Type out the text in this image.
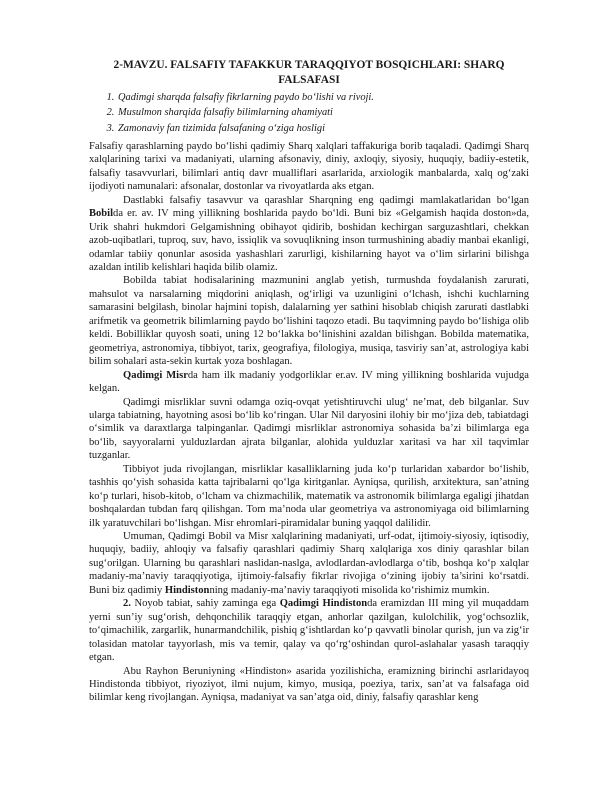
2-MAVZU. FALSAFIY TAFAKKUR TARAQQIYOT BOSQICHLARI: SHARQ FALSAFASI
1. Qadimgi sharqda falsafiy fikrlarning paydo bo‘lishi va rivoji.
2. Musulmon sharqida falsafiy bilimlarning ahamiyati
3. Zamonaviy fan tizimida falsafaning o‘ziga hosligi

Falsafiy qarashlarning paydo bo‘lishi qadimiy Sharq xalqlari taffakuriga borib taqaladi. Qadimgi Sharq xalqlarining tarixi va madaniyati, ularning afsonaviy, diniy, axloqiy, siyosiy, huquqiy, badiiy-estetik, falsafiy tasavvurlari, bilimlari antiq davr mualliflari asarlarida, arxiologik manbalarda, xalq og‘zaki ijodiyoti namunalari: afsonalar, dostonlar va rivoyatlarda aks etgan.

Dastlabki falsafiy tasavvur va qarashlar Sharqning eng qadimgi mamlakatlaridan bo‘lgan Bobilda er. av. IV ming yillikning boshlarida paydo bo‘ldi. Buni biz «Gelgamish haqida doston»da, Urik shahri hukmdori Gelgamishning obihayot qidirib, boshidan kechirgan sarguzashtlari, chekkan azob-uqibatlari, tuproq, suv, havo, issiqlik va sovuqlikning inson turmushining abadiy manbai ekanligi, odamlar tabiiy qonunlar asosida yashashlari zarurligi, kishilarning hayot va o‘lim sirlarini bilishga azaldan intilib kelishlari haqida bilib olamiz.

Bobilda tabiat hodisalarining mazmunini anglab yetish, turmushda foydalanish zarurati, mahsulot va narsalarning miqdorini aniqlash, og‘irligi va uzunligini o‘lchash, ishchi kuchlarning samarasini belgilash, binolar hajmini topish, dalalarning yer sathini hisoblab chiqish zarurati dastlabki arifmetik va geometrik bilimlarning paydo bo‘lishini taqozo etadi. Bu taqvimning paydo bo‘lishiga olib keldi. Bobilliklar quyosh soati, uning 12 bo‘lakka bo‘linishini azaldan bilishgan. Bobilda matematika, geometriya, astronomiya, tibbiyot, tarix, geografiya, filologiya, musiqa, tasviriy san’at, astrologiya kabi bilim sohalari asta-sekin kurtak yoza boshlagan.

Qadimgi Misrda ham ilk madaniy yodgorliklar er.av. IV ming yillikning boshlarida vujudga kelgan.

Qadimgi misrliklar suvni odamga oziq-ovqat yetishtiruvchi ulug‘ ne’mat, deb bilganlar. Suv ularga tabiatning, hayotning asosi bo‘lib ko‘ringan. Ular Nil daryosini ilohiy bir mo‘jiza deb, tabiatdagi o‘simlik va daraxtlarga talpinganlar. Qadimgi misrliklar astronomiya sohasida ba’zi bilimlarga ega bo‘lib, sayyoralarni yulduzlardan ajrata bilganlar, alohida yulduzlar xaritasi va har xil taqvimlar tuzganlar.

Tibbiyot juda rivojlangan, misrliklar kasalliklarning juda ko‘p turlaridan xabardor bo‘lishib, tashhis qo‘yish sohasida katta tajribalarni qo‘lga kiritganlar. Ayniqsa, qurilish, arxitektura, san’atning ko‘p turlari, hisob-kitob, o‘lcham va chizmachilik, matematik va astronomik bilimlarga egaligi jihatdan boshqalardan tubdan farq qilishgan. Tom ma’noda ular geometriya va astronomiyaga oid bilimlarning ilk yaratuvchilari bo‘lishgan. Misr ehromlari-piramidalar buning yaqqol dalilidir.

Umuman, Qadimgi Bobil va Misr xalqlarining madaniyati, urf-odat, ijtimoiy-siyosiy, iqtisodiy, huquqiy, badiiy, ahloqiy va falsafiy qarashlari qadimiy Sharq xalqlariga xos diniy qarashlar bilan sug‘orilgan. Ularning bu qarashlari naslidan-naslga, avlodlardan-avlodlarga o‘tib, boshqa ko‘p xalqlar madaniy-ma’naviy taraqqiyotiga, ijtimoiy-falsafiy fikrlar rivojiga o‘zining ijobiy ta’sirini ko‘rsatdi. Buni biz qadimiy Hindistonning madaniy-ma’naviy taraqqiyoti misolida ko‘rishimiz mumkin.

2. Noyob tabiat, sahiy zaminga ega Qadimgi Hindistonda eramizdan III ming yil muqaddam yerni sun’iy sug‘orish, dehqonchilik taraqqiy etgan, anhorlar qazilgan, kulolchilik, yog‘ochsozlik, to‘qimachilik, zargarlik, hunarmandchilik, pishiq g‘ishtlardan ko‘p qavvatli binolar qurish, jun va zig‘ir tolasidan matolar tayyorlash, mis va temir, qalay va qo‘rg‘oshindan qurol-aslahalar yasash taraqqiy etgan.

Abu Rayhon Beruniyning «Hindiston» asarida yozilishicha, eramizning birinchi asrlaridayoq Hindistonda tibbiyot, riyoziyot, ilmi nujum, kimyo, musiqa, poeziya, tarix, san’at va falsafaga oid bilimlar keng rivojlangan. Ayniqsa, madaniyat va san’atga oid, diniy, falsafiy qarashlar keng
